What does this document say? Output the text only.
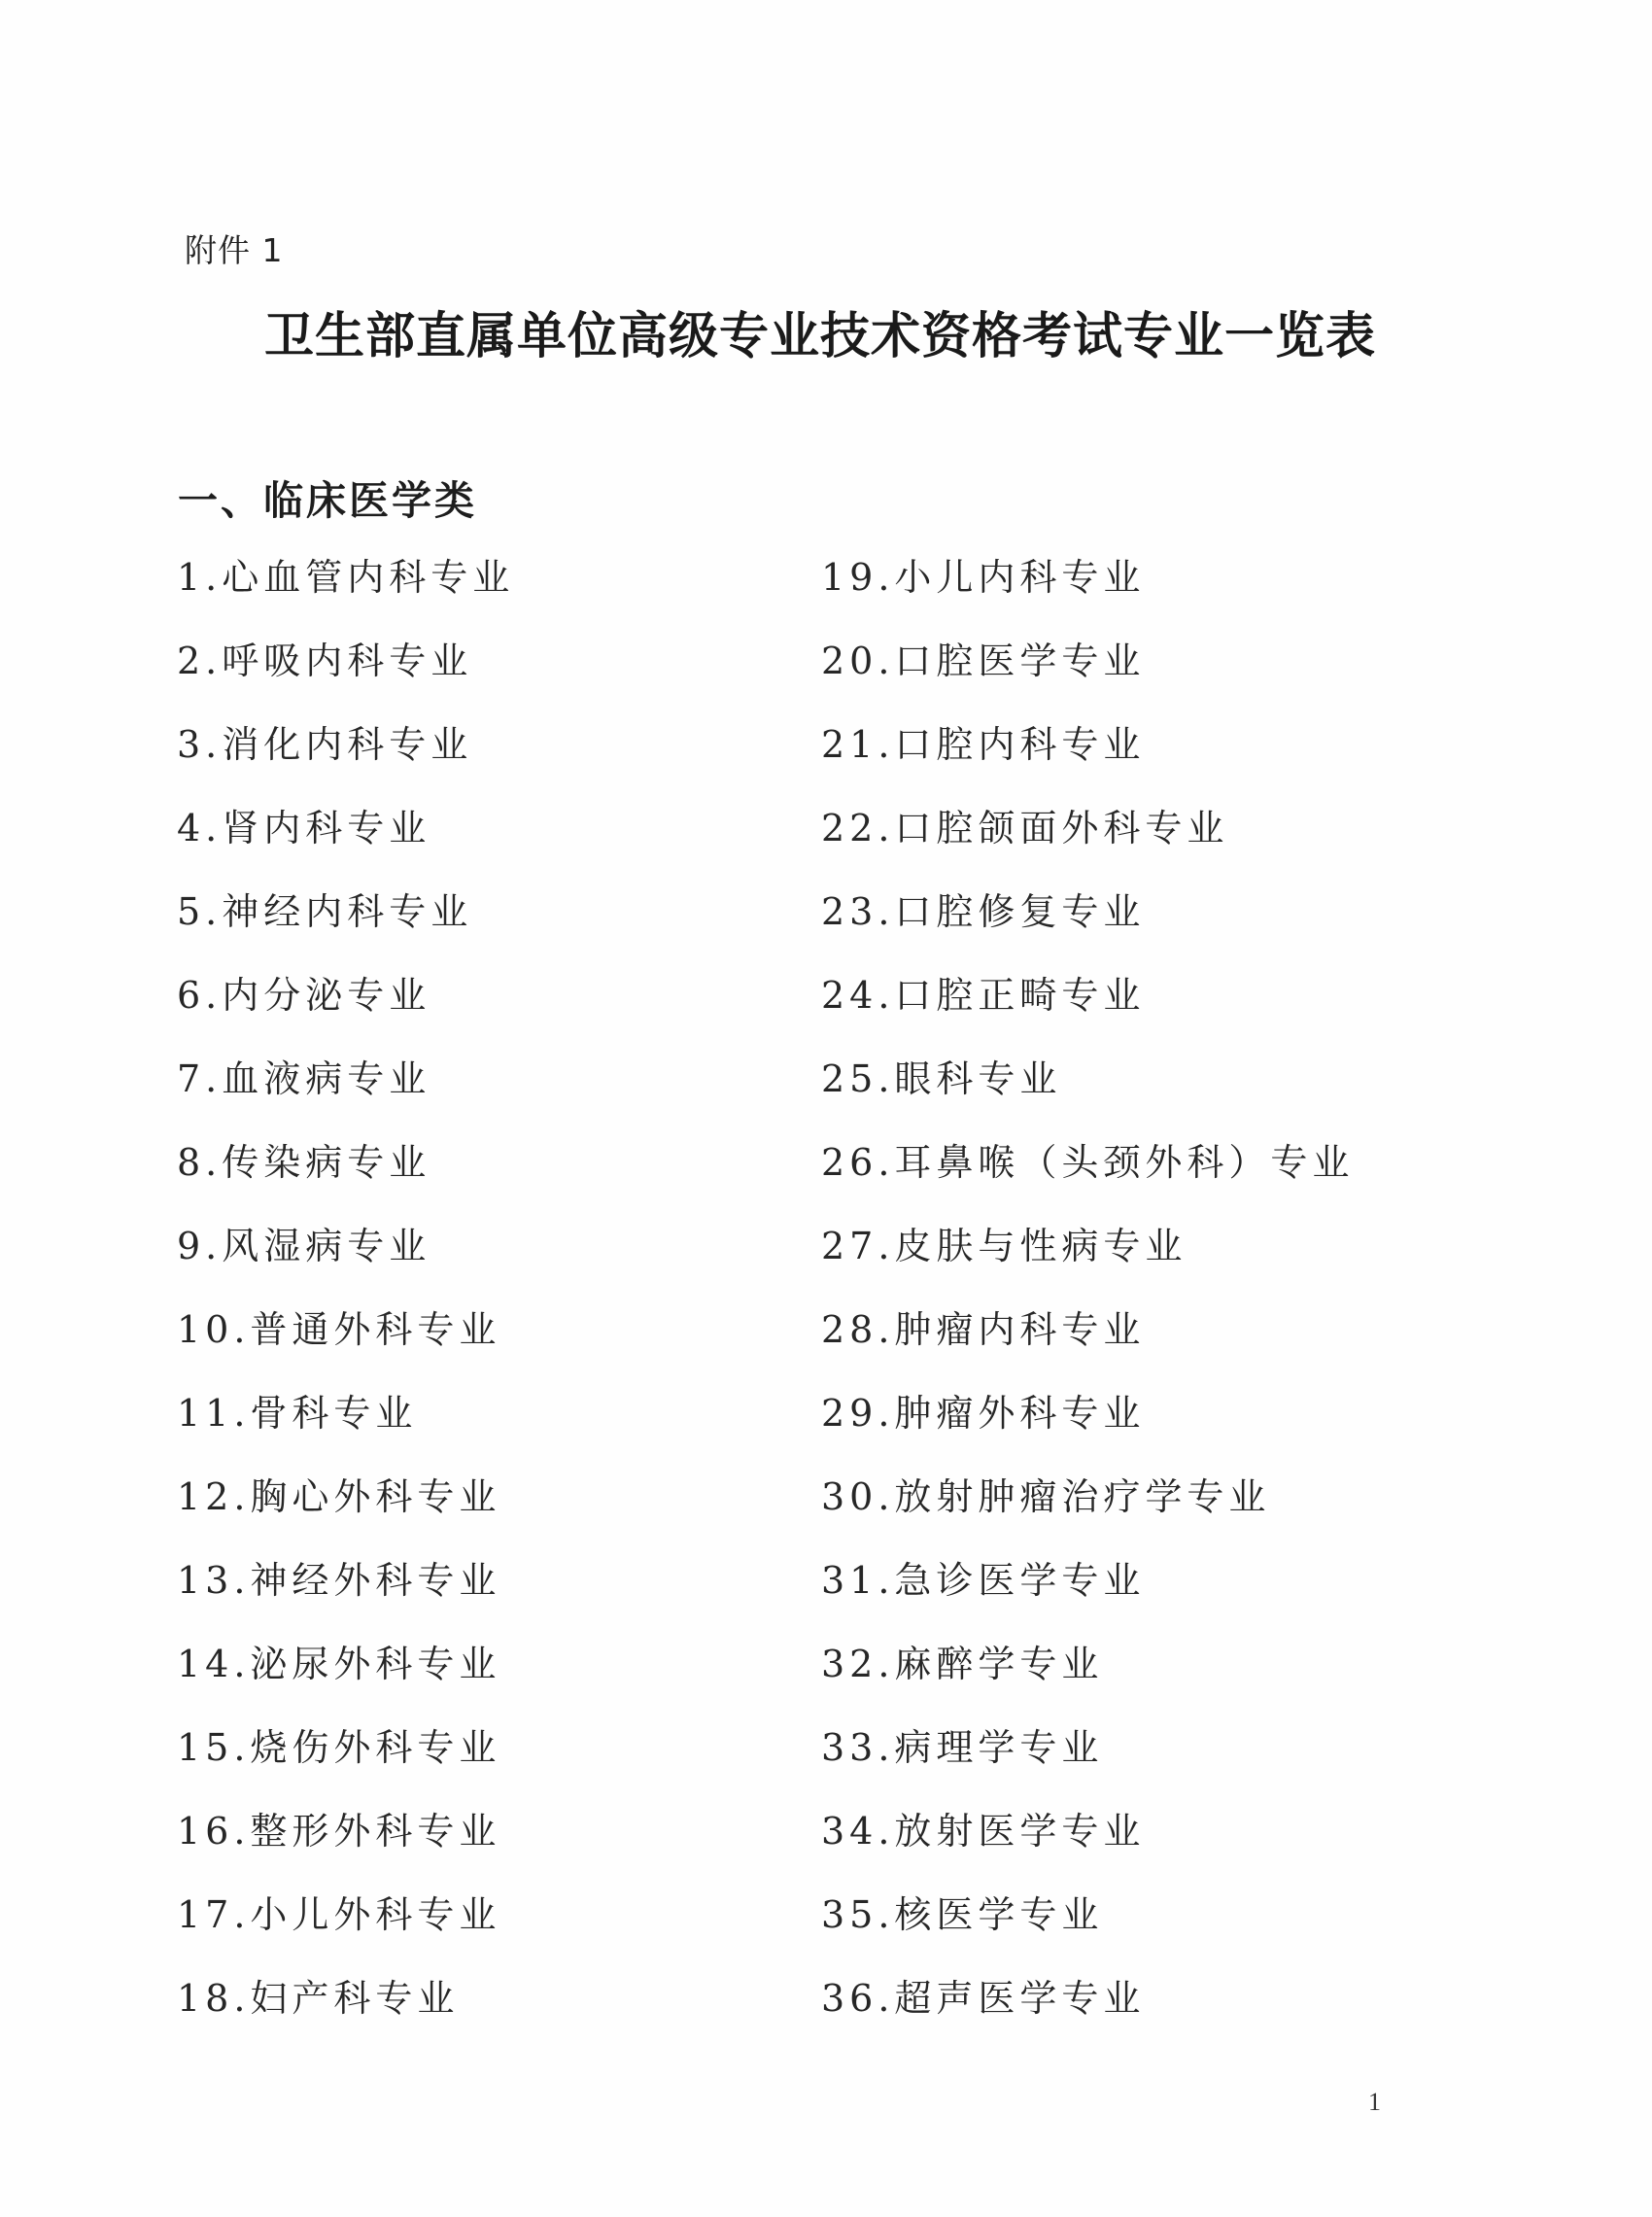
附件 1
卫生部直属单位高级专业技术资格考试专业一览表
一、临床医学类
1.心血管内科专业
2.呼吸内科专业
3.消化内科专业
4.肾内科专业
5.神经内科专业
6.内分泌专业
7.血液病专业
8.传染病专业
9.风湿病专业
10.普通外科专业
11.骨科专业
12.胸心外科专业
13.神经外科专业
14.泌尿外科专业
15.烧伤外科专业
16.整形外科专业
17.小儿外科专业
18.妇产科专业
19.小儿内科专业
20.口腔医学专业
21.口腔内科专业
22.口腔颌面外科专业
23.口腔修复专业
24.口腔正畸专业
25.眼科专业
26.耳鼻喉（头颈外科）专业
27.皮肤与性病专业
28.肿瘤内科专业
29.肿瘤外科专业
30.放射肿瘤治疗学专业
31.急诊医学专业
32.麻醉学专业
33.病理学专业
34.放射医学专业
35.核医学专业
36.超声医学专业
1
